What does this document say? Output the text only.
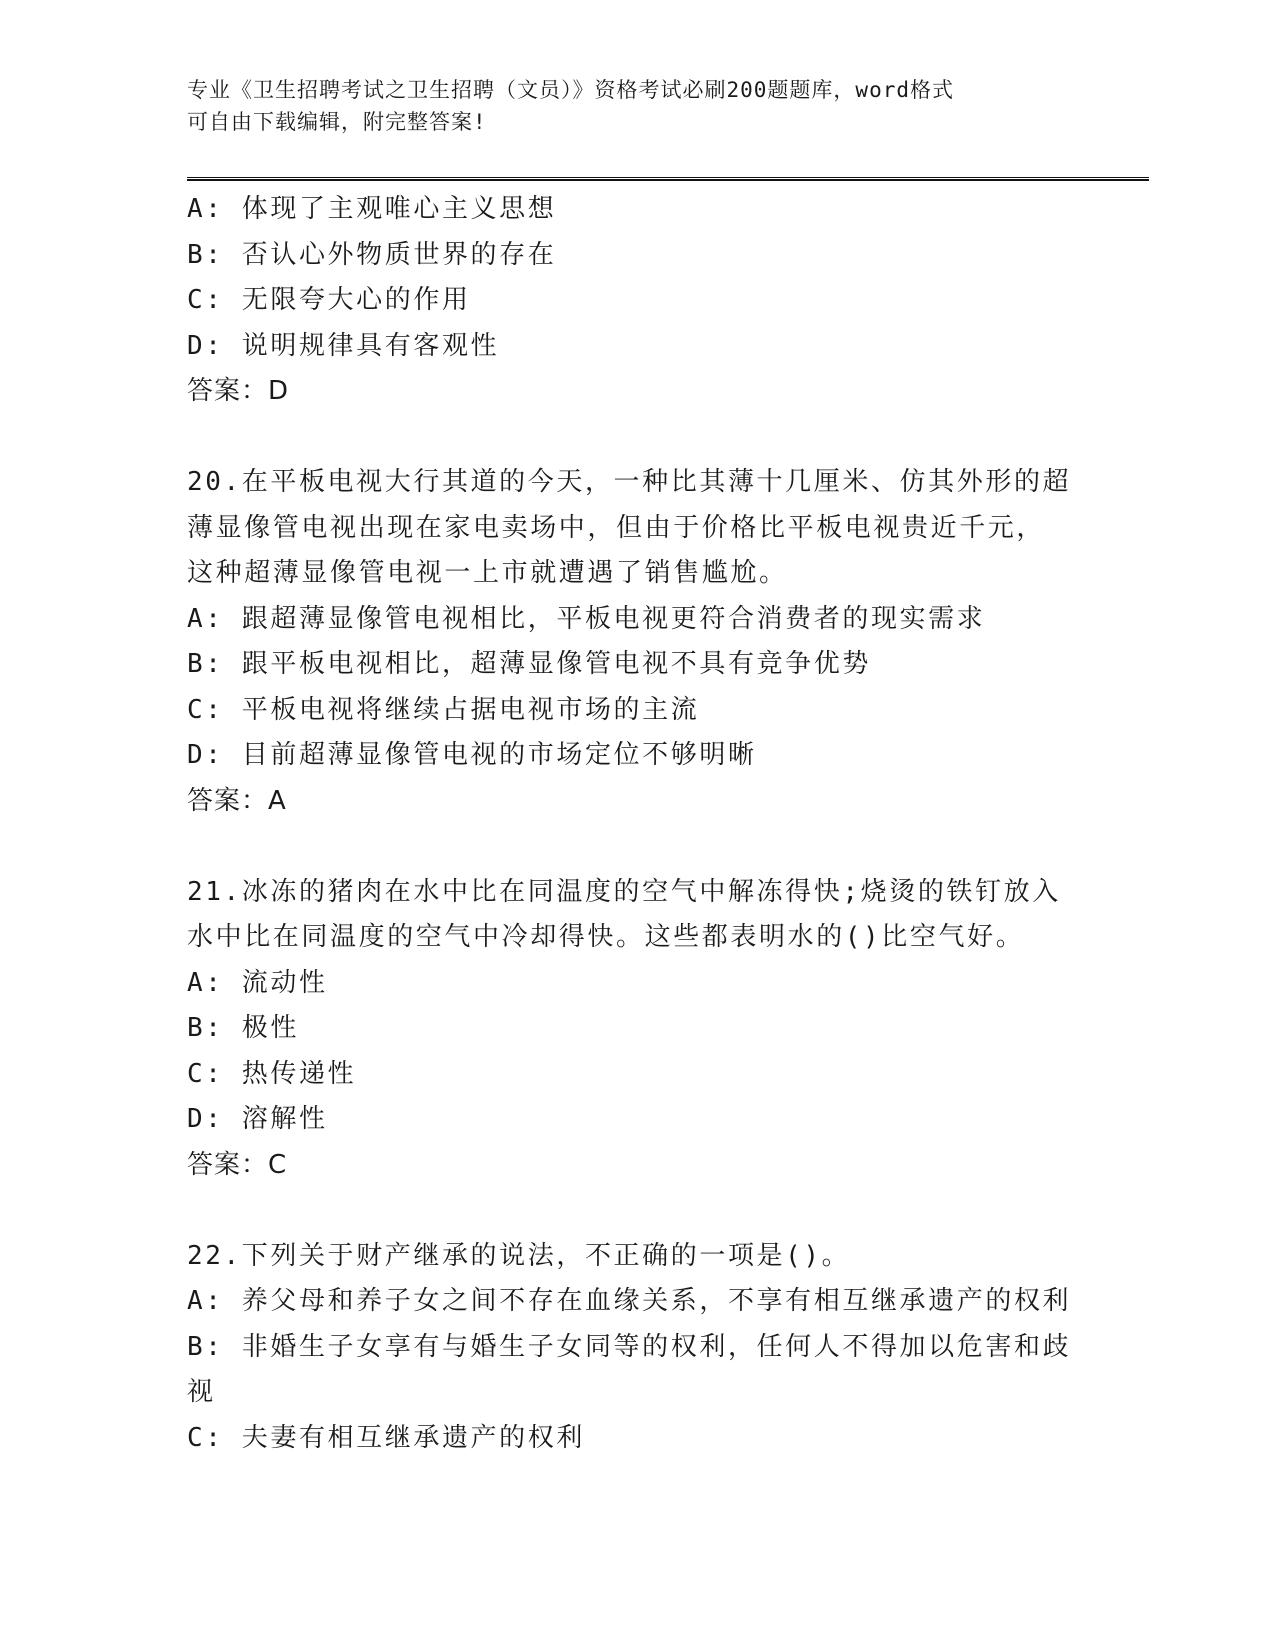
专业《卫生招聘考试之卫生招聘（文员）》资格考试必刷200题题库，word格式
可自由下载编辑，附完整答案!
A: 体现了主观唯心主义思想
B: 否认心外物质世界的存在
C: 无限夸大心的作用
D: 说明规律具有客观性
答案：D
20.在平板电视大行其道的今天，一种比其薄十几厘米、仿其外形的超
薄显像管电视出现在家电卖场中，但由于价格比平板电视贵近千元，
这种超薄显像管电视一上市就遭遇了销售尴尬。
A: 跟超薄显像管电视相比，平板电视更符合消费者的现实需求
B: 跟平板电视相比，超薄显像管电视不具有竞争优势
C: 平板电视将继续占据电视市场的主流
D: 目前超薄显像管电视的市场定位不够明晰
答案：A
21.冰冻的猪肉在水中比在同温度的空气中解冻得快;烧烫的铁钉放入
水中比在同温度的空气中冷却得快。这些都表明水的()比空气好。
A: 流动性
B: 极性
C: 热传递性
D: 溶解性
答案：C
22.下列关于财产继承的说法，不正确的一项是()。
A: 养父母和养子女之间不存在血缘关系，不享有相互继承遗产的权利
B: 非婚生子女享有与婚生子女同等的权利，任何人不得加以危害和歧
视
C: 夫妻有相互继承遗产的权利
